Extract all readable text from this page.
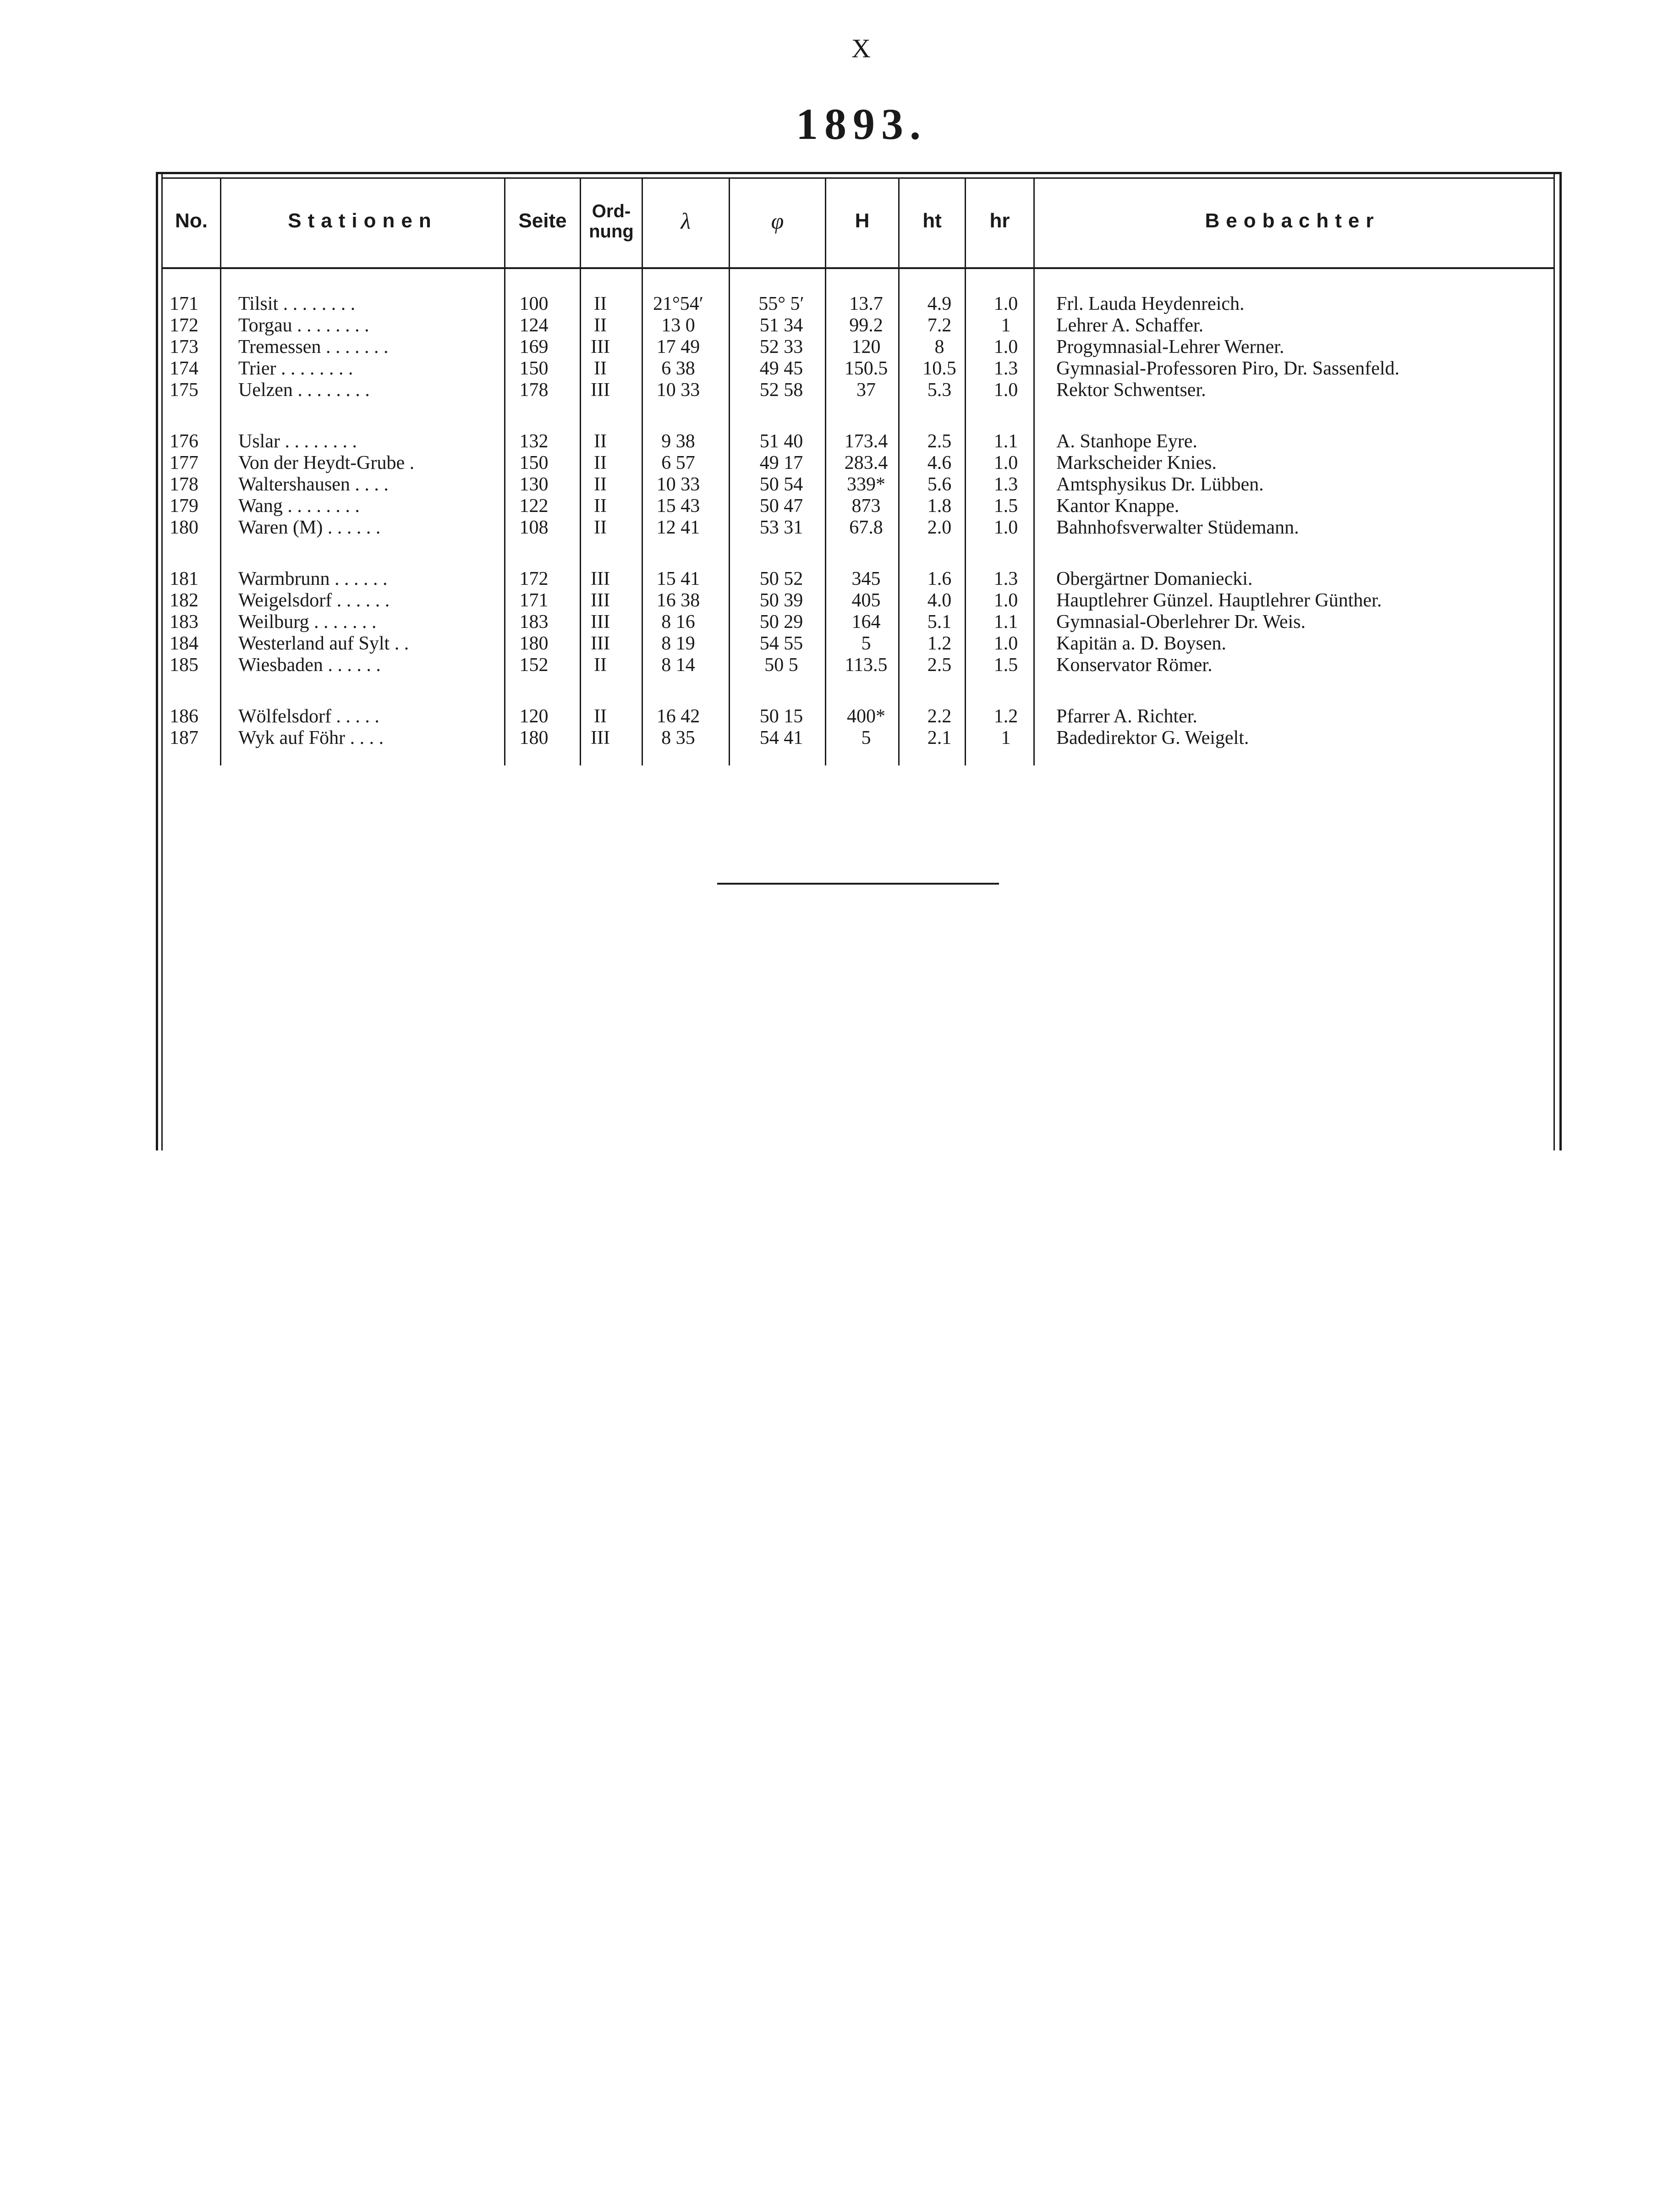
X
1893.
No.	Stationen	Seite	Ord-
nung	λ	φ	H	ht	hr	Beobachter
171	Tilsit . . . . . . . .	100	II	21°54′	55° 5′	13.7	4.9	1.0	Frl. Lauda Heydenreich.
172	Torgau . . . . . . . .	124	II	13 0	51 34	99.2	7.2	1	Lehrer A. Schaffer.
173	Tremessen . . . . . . .	169	III	17 49	52 33	120	8	1.0	Progymnasial-Lehrer Werner.
174	Trier . . . . . . . .	150	II	6 38	49 45	150.5	10.5	1.3	Gymnasial-Professoren Piro, Dr. Sassenfeld.
175	Uelzen . . . . . . . .	178	III	10 33	52 58	37	5.3	1.0	Rektor Schwentser.
176	Uslar . . . . . . . .	132	II	9 38	51 40	173.4	2.5	1.1	A. Stanhope Eyre.
177	Von der Heydt-Grube .	150	II	6 57	49 17	283.4	4.6	1.0	Markscheider Knies.
178	Waltershausen . . . .	130	II	10 33	50 54	339*	5.6	1.3	Amtsphysikus Dr. Lübben.
179	Wang . . . . . . . .	122	II	15 43	50 47	873	1.8	1.5	Kantor Knappe.
180	Waren (M) . . . . . .	108	II	12 41	53 31	67.8	2.0	1.0	Bahnhofsverwalter Stüdemann.
181	Warmbrunn . . . . . .	172	III	15 41	50 52	345	1.6	1.3	Obergärtner Domaniecki.
182	Weigelsdorf . . . . . .	171	III	16 38	50 39	405	4.0	1.0	Hauptlehrer Günzel. Hauptlehrer Günther.
183	Weilburg . . . . . . .	183	III	8 16	50 29	164	5.1	1.1	Gymnasial-Oberlehrer Dr. Weis.
184	Westerland auf Sylt . .	180	III	8 19	54 55	5	1.2	1.0	Kapitän a. D. Boysen.
185	Wiesbaden . . . . . .	152	II	8 14	50 5	113.5	2.5	1.5	Konservator Römer.
186	Wölfelsdorf . . . . .	120	II	16 42	50 15	400*	2.2	1.2	Pfarrer A. Richter.
187	Wyk auf Föhr . . . .	180	III	8 35	54 41	5	2.1	1	Badedirektor G. Weigelt.
